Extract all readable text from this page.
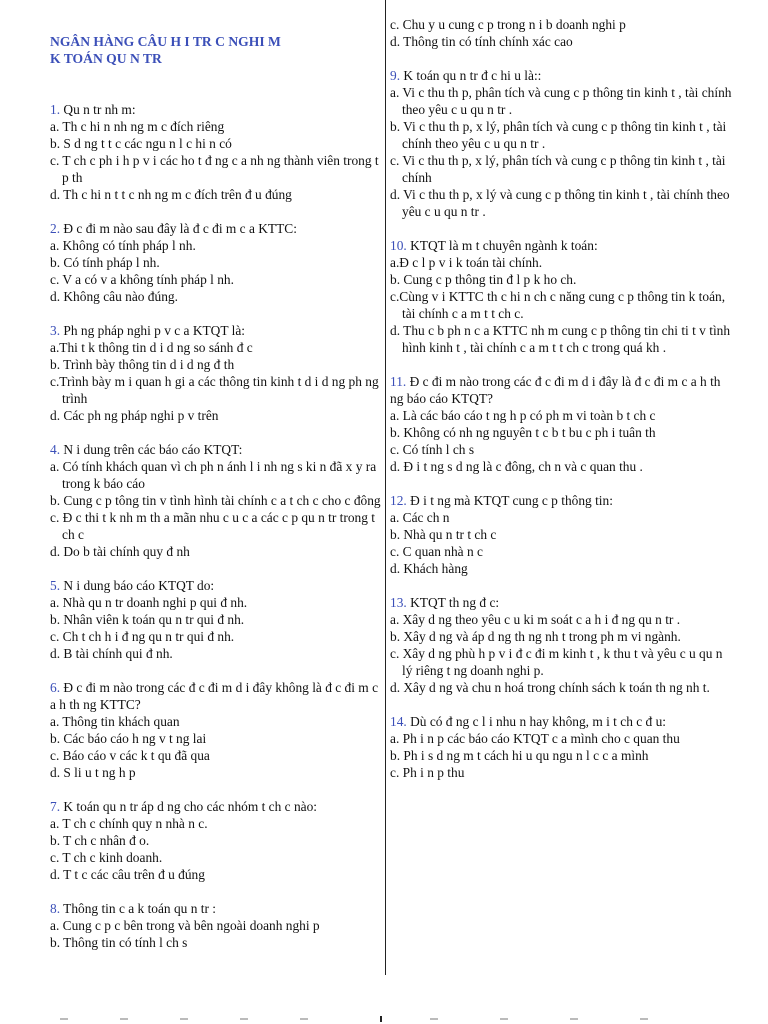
NGÂN HÀNG CÂU H I TR C NGHI M

K TOÁN QU N TR

1. Qu n tr nh m:

a. Th c hi n nh ng m c đích riêng

b. S d ng t t c các ngu n l c hi n có

c. T ch c ph i h p v i các ho t đ ng c a nh ng thành viên trong t p th

d. Th c hi n t t c nh ng m c đích trên đ u đúng

2. Đ c đi m nào sau đây là đ c đi m c a KTTC:

a. Không có tính pháp l nh.

b. Có tính pháp l nh.

c. V a có v a không tính pháp l nh.

d. Không câu nào đúng.

3. Ph ng pháp nghi p v c a KTQT là:

a.Thi t k thông tin d i d ng so sánh đ c

b. Trình bày thông tin d i d ng đ th

c.Trình bày m i quan h gi a các thông tin kinh t d i d ng ph ng trình

d. Các ph ng pháp nghi p v trên

4. N i dung trên các báo cáo KTQT:

a. Có tính khách quan vì ch ph n ánh l i nh ng s ki n đã x y ra trong k báo cáo

b. Cung c p tông tin v tình hình tài chính c a t ch c cho c đông

c. Đ c thi t k nh m th a mãn nhu c u c a các c p qu n tr trong t ch c

d. Do b tài chính quy đ nh

5. N i dung báo cáo KTQT do:

a. Nhà qu n tr doanh nghi p qui đ nh.

b. Nhân viên k toán qu n tr qui đ nh.

c. Ch t ch h i đ ng qu n tr qui đ nh.

d. B tài chính qui đ nh.

6. Đ c đi m nào trong các đ c đi m d i đây không là đ c đi m c a h th ng KTTC?

a. Thông tin khách quan

b. Các báo cáo h ng v t ng lai

c. Báo cáo v các k t qu đã qua

d. S li u t ng h p

7. K toán qu n tr áp d ng cho các nhóm t ch c nào:

a. T ch c chính quy n nhà n c.

b. T ch c nhân đ o.

c. T ch c kinh doanh.

d. T t c các câu trên đ u đúng

8. Thông tin c a k toán qu n tr :

a. Cung c p c bên trong và bên ngoài doanh nghi p

b. Thông tin có tính l ch s

c. Chu y u cung c p trong n i b doanh nghi p

d. Thông tin có tính chính xác cao

9. K toán qu n tr đ c hi u là::

a. Vi c thu th p, phân tích và cung c p thông tin kinh t , tài chính theo yêu c u qu n tr .

b. Vi c thu th p, x lý, phân tích và cung c p thông tin kinh t , tài chính theo yêu c u qu n tr .

c. Vi c thu th p, x lý, phân tích và cung c p thông tin kinh t , tài chính

d. Vi c thu th p, x lý và cung c p thông tin kinh t , tài chính theo yêu c u qu n tr .

10. KTQT là m t chuyên ngành k toán:

a.Đ c l p v i k toán tài chính.

b. Cung c p thông tin đ l p k ho ch.

c.Cùng v i KTTC th c hi n ch c năng cung c p thông tin k toán, tài chính c a m t t ch c.

d. Thu c b ph n c a KTTC nh m cung c p thông tin chi ti t v tình hình kinh t , tài chính c a m t t ch c trong quá kh .

11. Đ c đi m nào trong các đ c đi m d i đây là đ c đi m c a h th ng báo cáo KTQT?

a. Là các báo cáo t ng h p có ph m vi toàn b t ch c

b. Không có nh ng nguyên t c b t bu c ph i tuân th

c. Có tính l ch s

d. Đ i t ng s d ng là c đông, ch n và c quan thu .

12. Đ i t ng mà KTQT cung c p thông tin:

a. Các ch n

b. Nhà qu n tr t ch c

c. C quan nhà n c

d. Khách hàng

13. KTQT th ng đ c:

a. Xây d ng theo yêu c u ki m soát c a h i đ ng qu n tr .

b. Xây d ng và áp d ng th ng nh t trong ph m vi ngành.

c. Xây d ng phù h p v i đ c đi m kinh t , k thu t và yêu c u qu n lý riêng t ng doanh nghi p.

d. Xây d ng và chu n hoá trong chính sách k toán th ng nh t.

14. Dù có đ ng c l i nhu n hay không, m i t ch c đ u:

a. Ph i n p các báo cáo KTQT c a mình cho c quan thu

b. Ph i s d ng m t cách hi u qu ngu n l c c a mình

c. Ph i n p thu
